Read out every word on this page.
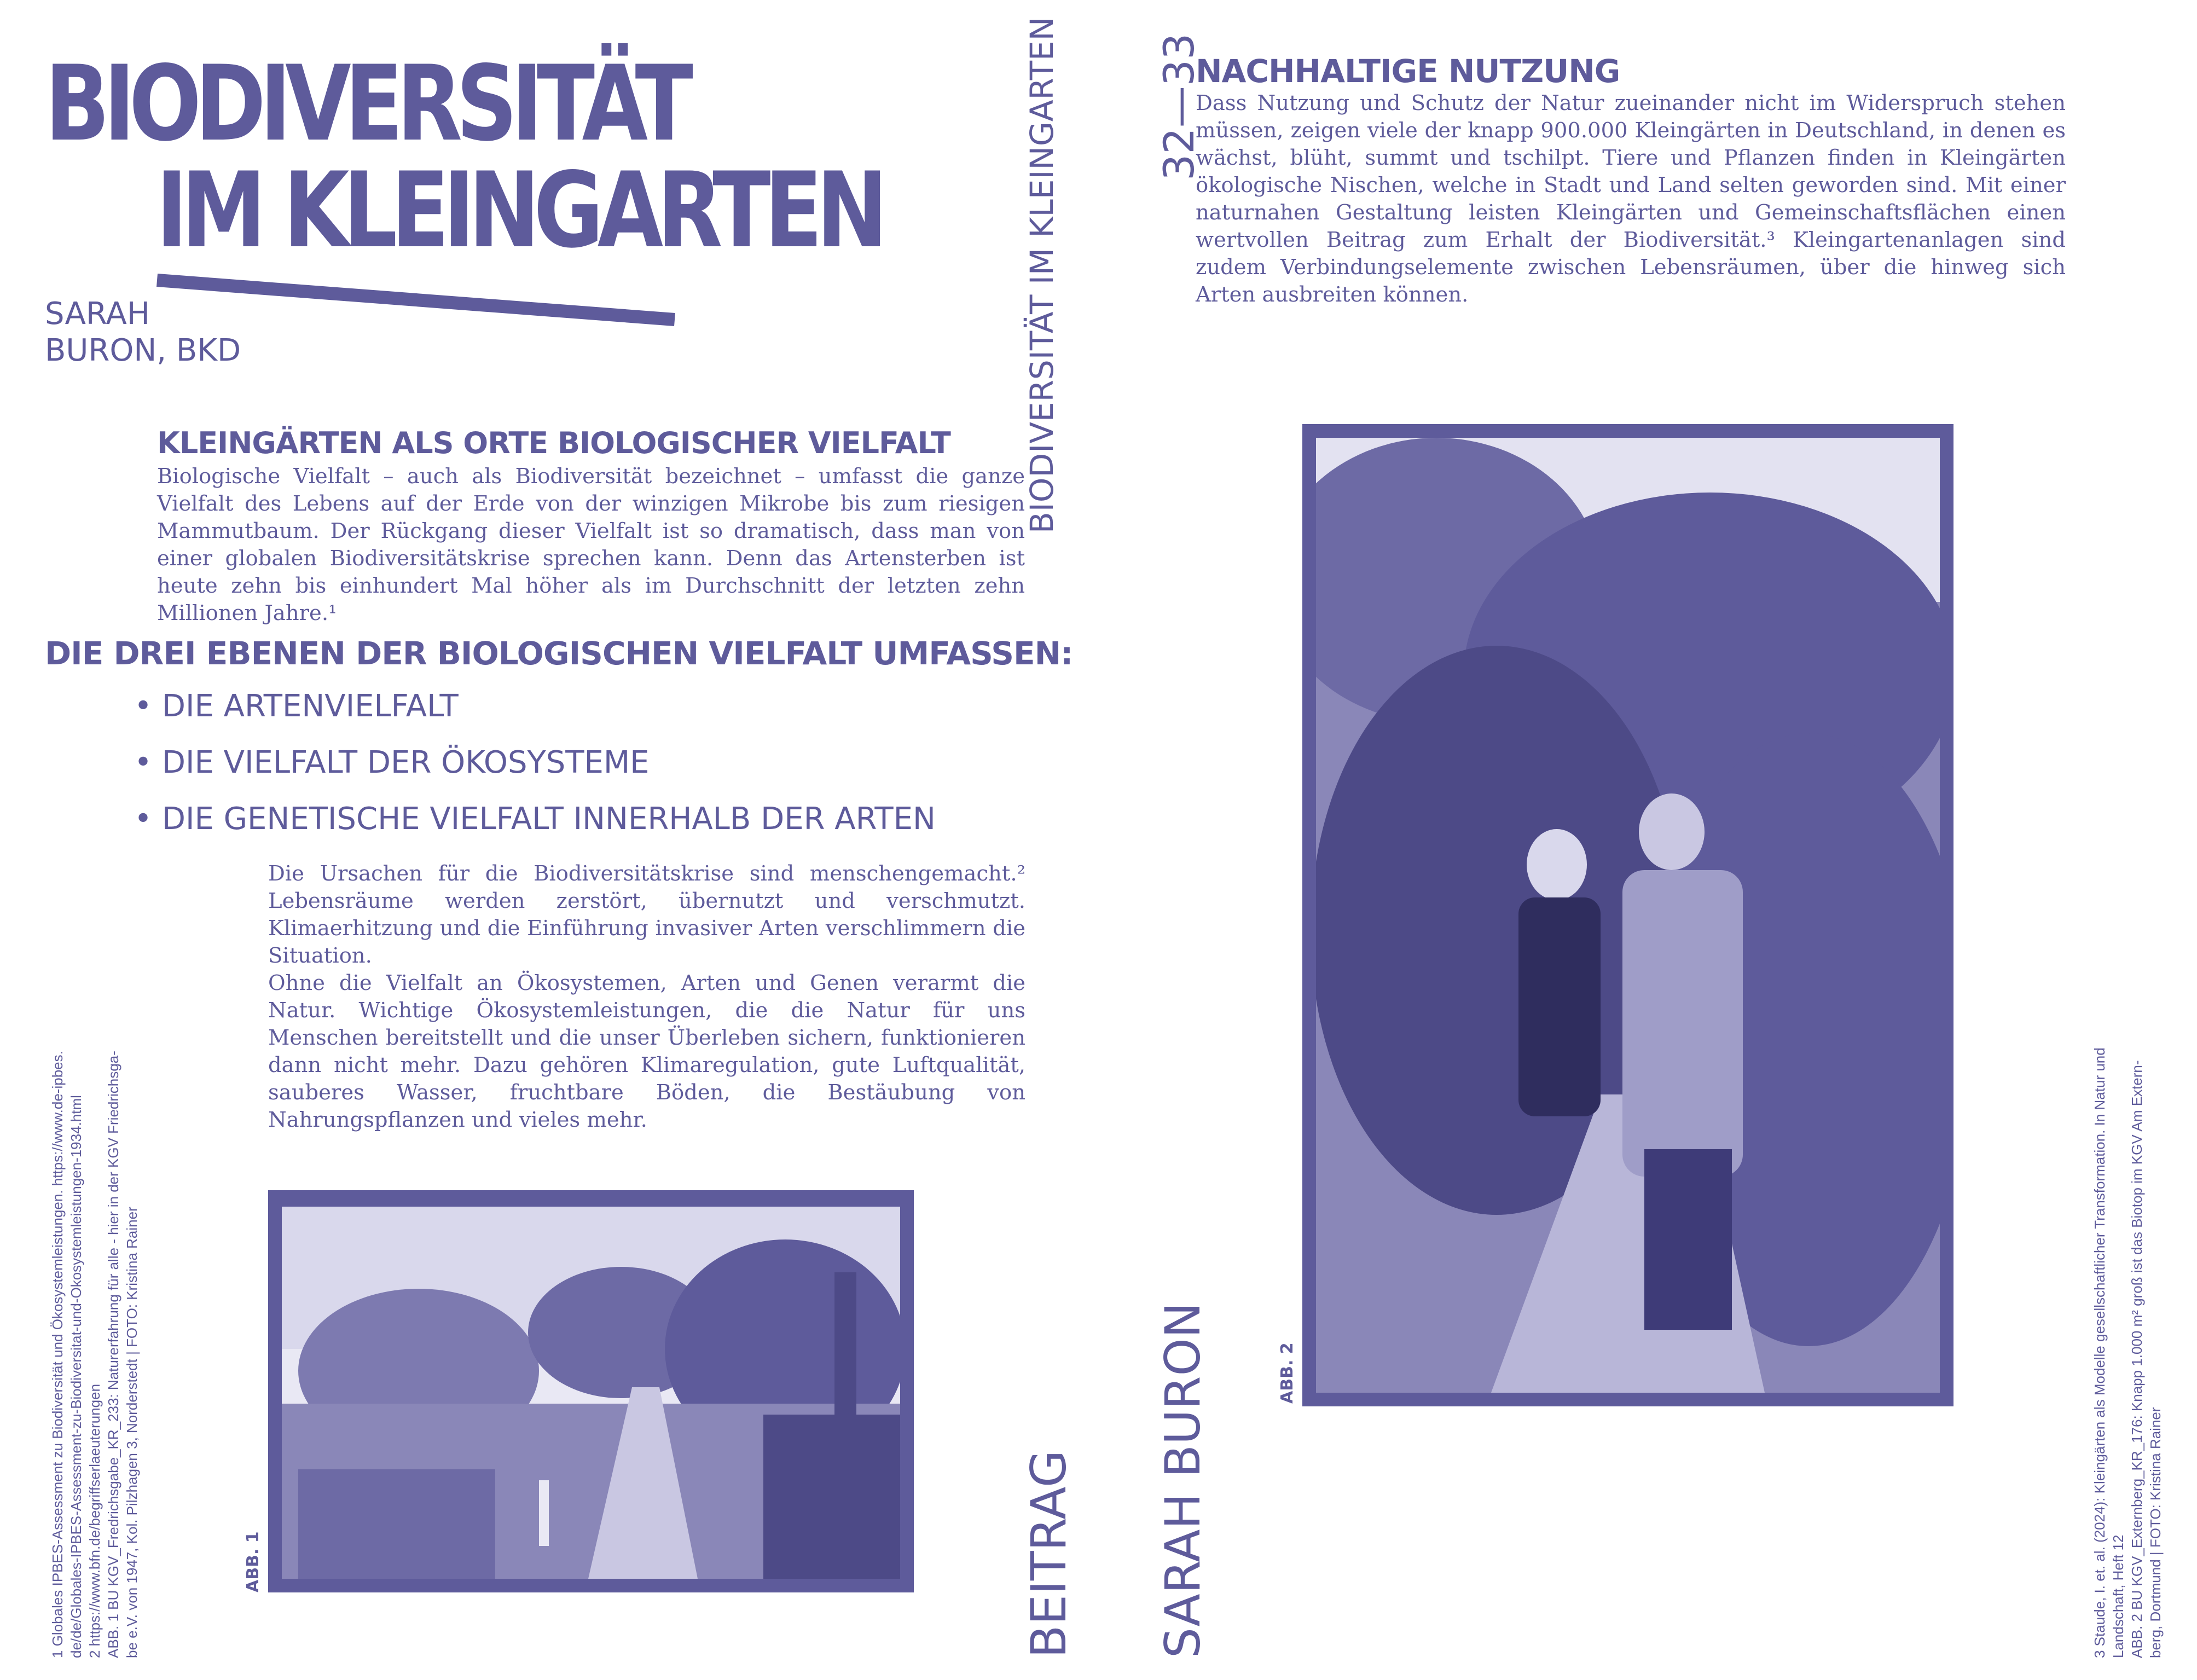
BIODIVERSITÄT
IM KLEINGARTEN
SARAH
BURON, BKD
KLEINGÄRTEN ALS ORTE BIOLOGISCHER VIELFALT

Biologische Vielfalt – auch als Biodiversität bezeichnet – umfasst die ganze Vielfalt des Lebens auf der Erde von der winzigen Mikrobe bis zum riesigen Mammutbaum. Der Rückgang dieser Vielfalt ist so dramatisch, dass man von einer globalen Biodiversitätskrise sprechen kann. Denn das Artensterben ist heute zehn bis einhundert Mal höher als im Durchschnitt der letzten zehn Millionen Jahre.¹

DIE DREI EBENEN DER BIOLOGISCHEN VIELFALT UMFASSEN:
• DIE ARTENVIELFALT
• DIE VIELFALT DER ÖKOSYSTEME
• DIE GENETISCHE VIELFALT INNERHALB DER ARTEN

Die Ursachen für die Biodiversitätskrise sind menschengemacht.² Lebensräume werden zerstört, übernutzt und verschmutzt. Klimaerhitzung und die Einführung invasiver Arten verschlimmern die Situation.

Ohne die Vielfalt an Ökosystemen, Arten und Genen verarmt die Natur. Wichtige Ökosystemleistungen, die die Natur für uns Menschen bereitstellt und die unser Überleben sichern, funktionieren dann nicht mehr. Dazu gehören Klimaregulation, gute Luftqualität, sauberes Wasser, fruchtbare Böden, die Bestäubung von Nahrungspflanzen und vieles mehr.

ABB. 1
1 Globales IPBES-Assessment zu Biodiversität und Ökosystemleistungen. https://www.de-ipbes. de/de/Globales-IPBES-Assessment-zu-Biodiversitat-und-Okosystemleistungen-1934.html 2 https://www.bfn.de/begriffserlaeuterungen ABB. 1 BU KGV_Fredrichsgabe_KR_233: Naturerfahrung für alle - hier in der KGV Friedrichsga- be e.V. von 1947, Kol. Pilzhagen 3, Norderstedt | FOTO: Kristina Rainer
BIODIVERSITÄT IM KLEINGARTEN
BEITRAG SARAH BURON
32—33
NACHHALTIGE NUTZUNG

Dass Nutzung und Schutz der Natur zueinander nicht im Widerspruch stehen müssen, zeigen viele der knapp 900.000 Kleingärten in Deutschland, in denen es wächst, blüht, summt und tschilpt. Tiere und Pflanzen finden in Kleingärten ökologische Nischen, welche in Stadt und Land selten geworden sind. Mit einer naturnahen Gestaltung leisten Kleingärten und Gemeinschaftsflächen einen wertvollen Beitrag zum Erhalt der Biodiversität.³ Kleingartenanlagen sind zudem Verbindungselemente zwischen Lebensräumen, über die hinweg sich Arten ausbreiten können.

ABB. 2	3 Staude, I. et. al. (2024): Kleingärten als Modelle gesellschaftlicher Transformation. In Natur und Landschaft, Heft 12 ABB. 2 BU KGV_Externberg_KR_176: Knapp 1.000 m² groß ist das Biotop im KGV Am Extern- berg, Dortmund | FOTO: Kristina Rainer
